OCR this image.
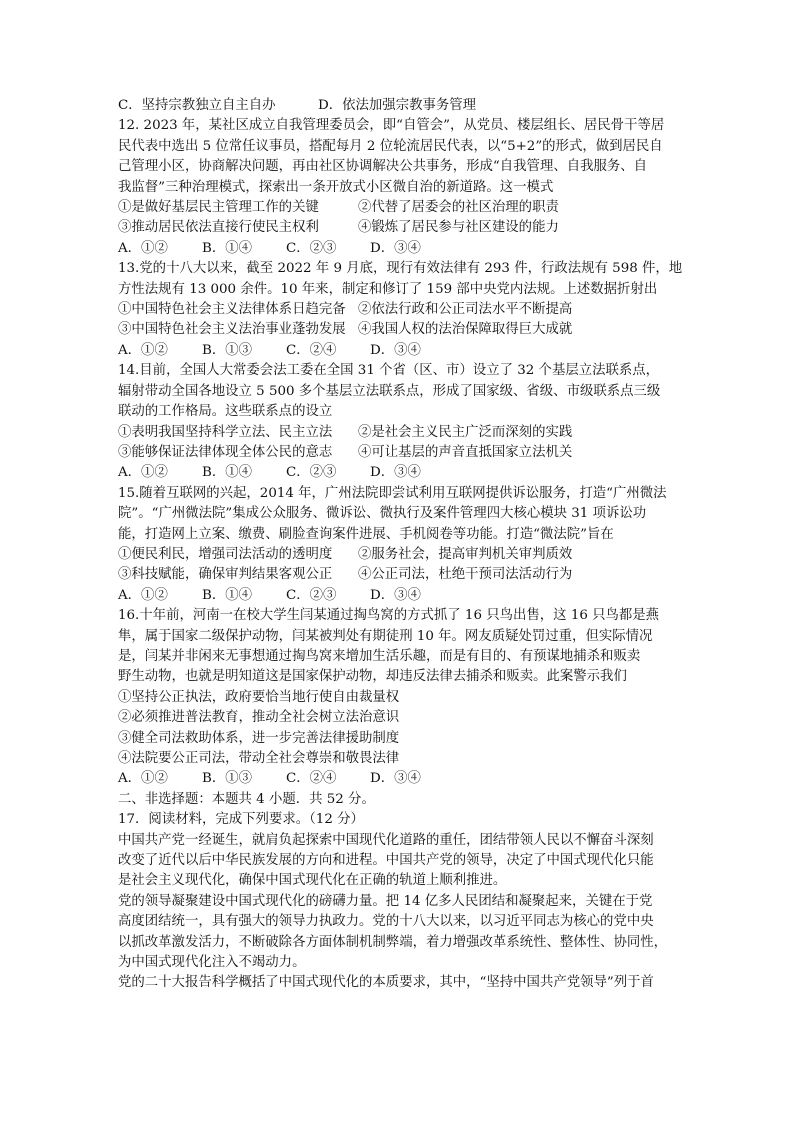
C．坚持宗教独立自主自办	D．依法加强宗教事务管理
12. 2023 年，某社区成立自我管理委员会，即“自管会”，从党员、楼层组长、居民骨干等居
民代表中选出 5 位常任议事员，搭配每月 2 位轮流居民代表，以“5+2”的形式，做到居民自
己管理小区，协商解决问题，再由社区协调解决公共事务，形成“自我管理、自我服务、自
我监督”三种治理模式，探索出一条开放式小区微自治的新道路。这一模式
①是做好基层民主管理工作的关键	②代替了居委会的社区治理的职责
③推动居民依法直接行使民主权利	④锻炼了居民参与社区建设的能力
A．①②	B．①④	C．②③	D．③④
13.党的十八大以来，截至 2022 年 9 月底，现行有效法律有 293 件，行政法规有 598 件，地
方性法规有 13 000 余件。10 年来，制定和修订了 159 部中央党内法规。上述数据折射出
①中国特色社会主义法律体系日趋完备 ②依法行政和公正司法水平不断提高
③中国特色社会主义法治事业蓬勃发展 ④我国人权的法治保障取得巨大成就
A．①②	B．①③	C．②④	D．③④
14.目前，全国人大常委会法工委在全国 31 个省（区、市）设立了 32 个基层立法联系点，
辐射带动全国各地设立 5 500 多个基层立法联系点，形成了国家级、省级、市级联系点三级
联动的工作格局。这些联系点的设立
①表明我国坚持科学立法、民主立法 ②是社会主义民主广泛而深刻的实践
③能够保证法律体现全体公民的意志 ④可让基层的声音直抵国家立法机关
A．①②	B．①④	C．②③	D．③④
15.随着互联网的兴起，2014 年，广州法院即尝试利用互联网提供诉讼服务，打造“广州微法
院”。“广州微法院”集成公众服务、微诉讼、微执行及案件管理四大核心模块 31 项诉讼功
能，打造网上立案、缴费、刷脸查询案件进展、手机阅卷等功能。打造“微法院”旨在
①便民利民，增强司法活动的透明度 ②服务社会，提高审判机关审判质效
③科技赋能，确保审判结果客观公正 ④公正司法，杜绝干预司法活动行为
A．①②	B．①④	C．②③	D．③④
16.十年前，河南一在校大学生闫某通过掏鸟窝的方式抓了 16 只鸟出售，这 16 只鸟都是燕
隼，属于国家二级保护动物，闫某被判处有期徒刑 10 年。网友质疑处罚过重，但实际情况
是，闫某并非闲来无事想通过掏鸟窝来增加生活乐趣，而是有目的、有预谋地捕杀和贩卖
野生动物，也就是明知道这是国家保护动物，却违反法律去捕杀和贩卖。此案警示我们
①坚持公正执法，政府要恰当地行使自由裁量权
②必须推进普法教育，推动全社会树立法治意识
③健全司法救助体系，进一步完善法律援助制度
④法院要公正司法，带动全社会尊崇和敬畏法律
A．①②	B．①③	C．②④	D．③④
二、非选择题：本题共 4 小题．共 52 分。
17．阅读材料，完成下列要求。（12 分）
中国共产党一经诞生，就肩负起探索中国现代化道路的重任，团结带领人民以不懈奋斗深刻
改变了近代以后中华民族发展的方向和进程。中国共产党的领导，决定了中国式现代化只能
是社会主义现代化，确保中国式现代化在正确的轨道上顺利推进。
党的领导凝聚建设中国式现代化的磅礴力量。把 14 亿多人民团结和凝聚起来，关键在于党
高度团结统一，具有强大的领导力执政力。党的十八大以来，以习近平同志为核心的党中央
以抓改革激发活力，不断破除各方面体制机制弊端，着力增强改革系统性、整体性、协同性，
为中国式现代化注入不竭动力。
党的二十大报告科学概括了中国式现代化的本质要求，其中，“坚持中国共产党领导”列于首
